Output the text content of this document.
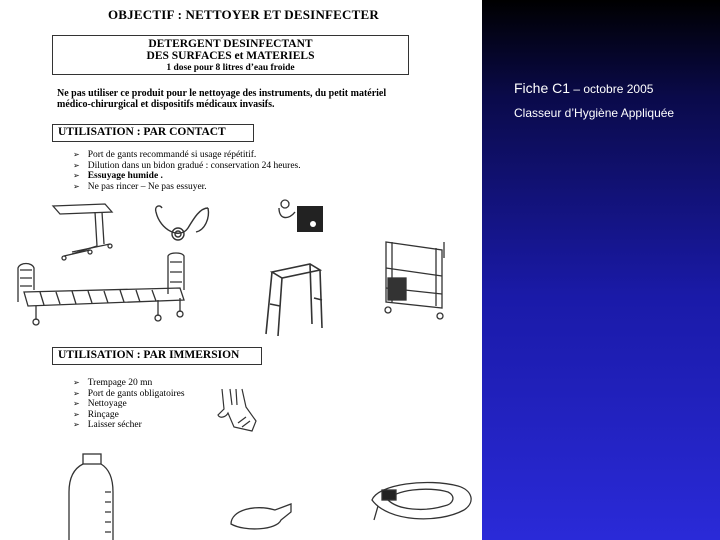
OBJECTIF : NETTOYER ET DESINFECTER
DETERGENT DESINFECTANT
DES SURFACES et MATERIELS
1 dose pour 8 litres d’eau froide
Ne pas utiliser ce produit pour le nettoyage des instruments, du petit matériel médico-chirurgical et dispositifs médicaux invasifs.
UTILISATION : PAR CONTACT
➢ Port de gants recommandé si usage répétitif.
➢ Dilution dans un bidon gradué : conservation 24 heures.
➢ Essuyage humide .
➢ Ne pas rincer – Ne pas essuyer.
UTILISATION : PAR IMMERSION
➢ Trempage 20 mn
➢ Port de gants obligatoires
➢ Nettoyage
➢ Rinçage
➢ Laisser sécher
Fiche C1 – octobre 2005
Classeur d’Hygiène Appliquée
